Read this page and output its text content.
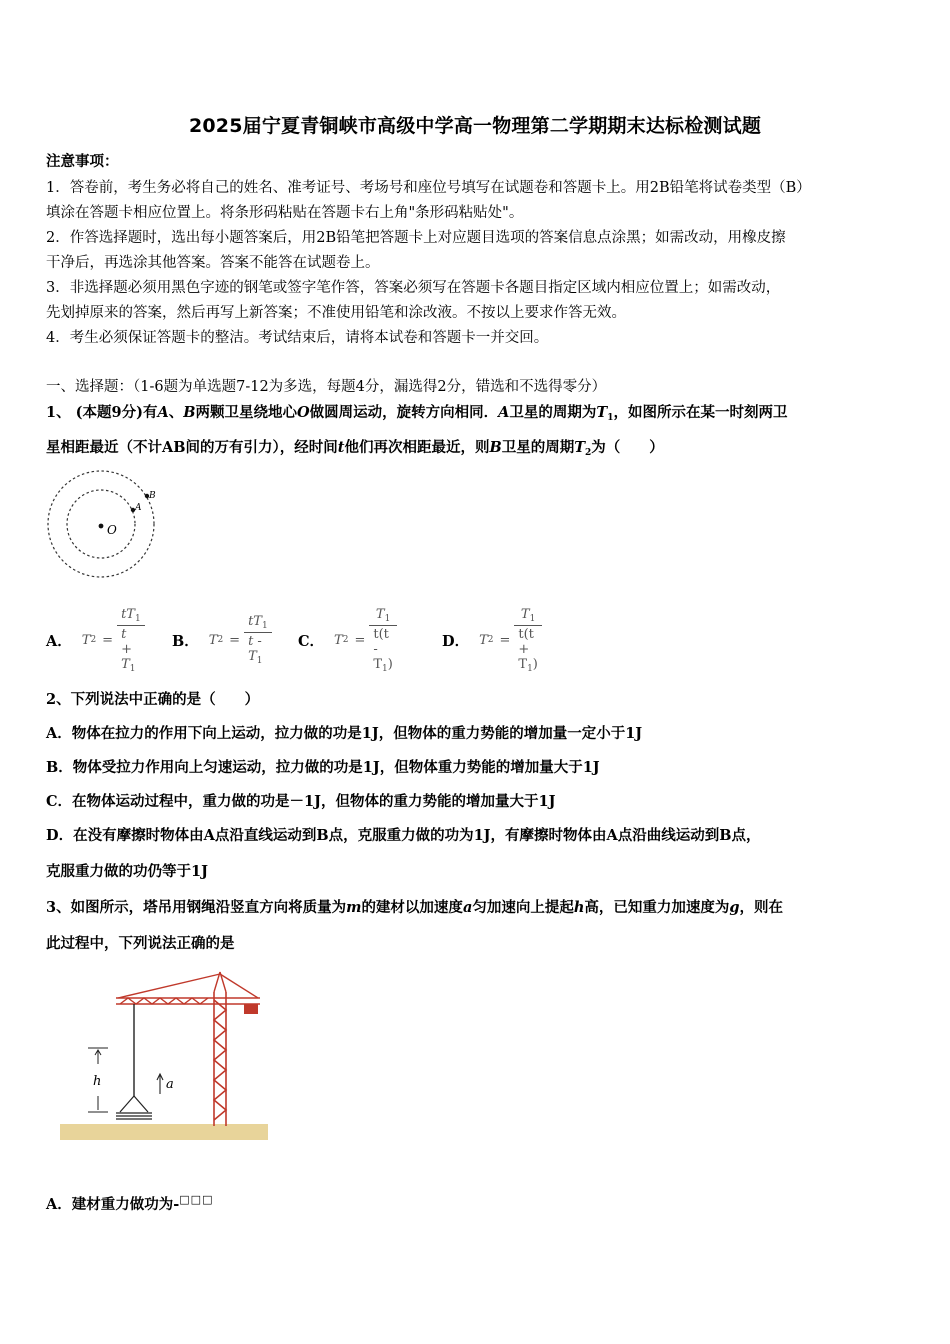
2025届宁夏青铜峡市高级中学高一物理第二学期期末达标检测试题
注意事项：
1．答卷前，考生务必将自己的姓名、准考证号、考场号和座位号填写在试题卷和答题卡上。用2B铅笔将试卷类型（B）
填涂在答题卡相应位置上。将条形码粘贴在答题卡右上角"条形码粘贴处"。
2．作答选择题时，选出每小题答案后，用2B铅笔把答题卡上对应题目选项的答案信息点涂黑；如需改动，用橡皮擦
干净后，再选涂其他答案。答案不能答在试题卷上。
3．非选择题必须用黑色字迹的钢笔或签字笔作答，答案必须写在答题卡各题目指定区域内相应位置上；如需改动，
先划掉原来的答案，然后再写上新答案；不准使用铅笔和涂改液。不按以上要求作答无效。
4．考生必须保证答题卡的整洁。考试结束后，请将本试卷和答题卡一并交回。
一、选择题：（1-6题为单选题7-12为多选，每题4分，漏选得2分，错选和不选得零分）
1、 (本题9分)有A、B两颗卫星绕地心O做圆周运动，旋转方向相同．A卫星的周期为$T_1$，如图所示在某一时刻两卫
星相距最近（不计AB间的万有引力），经时间t他们再次相距最近，则B卫星的周期$T_2$为（　　）
O
A
B
A． T $2 = \frac{tT_1}{t + T_1}$ B． T $2 = \frac{tT_1}{t - T_1}$ C． T $2 = \frac{T_1}{t(t - T_1)}$	D． T $2 = \frac{T_1}{t(t + T_1)}$
2、下列说法中正确的是（　　）
A．物体在拉力的作用下向上运动，拉力做的功是1J，但物体的重力势能的增加量一定小于1J
B．物体受拉力作用向上匀速运动，拉力做的功是1J，但物体重力势能的增加量大于1J
C．在物体运动过程中，重力做的功是－1J，但物体的重力势能的增加量大于1J
D．在没有摩擦时物体由A点沿直线运动到B点，克服重力做的功为1J，有摩擦时物体由A点沿曲线运动到B点，
克服重力做的功仍等于1J
3、如图所示，塔吊用钢绳沿竖直方向将质量为m的建材以加速度a匀加速向上提起h高，已知重力加速度为g，则在
此过程中，下列说法正确的是
h	a
A．建材重力做功为-□□□
